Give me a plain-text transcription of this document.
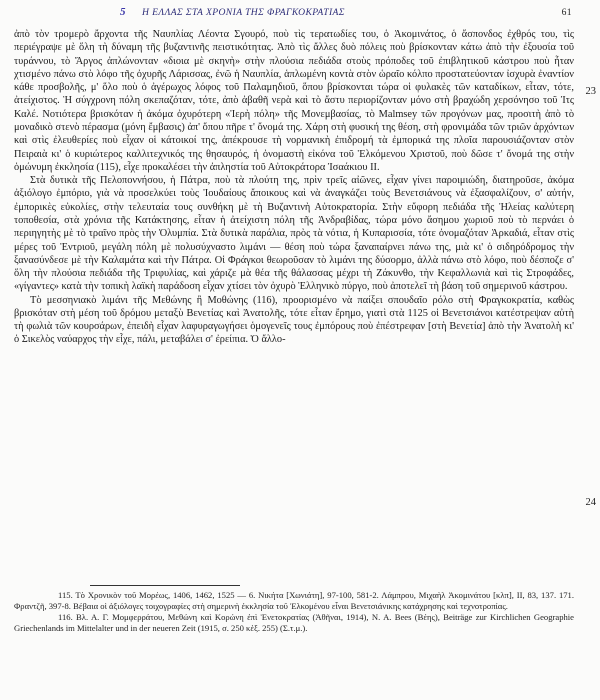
5 Η ΕΛΛΑΣ ΣΤΑ ΧΡΟΝΙΑ ΤΗΣ ΦΡΑΓΚΟΚΡΑΤΙΑΣ	61
23
24

ἀπὸ τὸν τρομερὸ ἄρχοντα τῆς Ναυπλίας Λέοντα Σγουρό, ποὺ τὶς τερατωδίες του, ὁ Ἀκομινάτος, ὁ ἄσπονδος ἐχθρός του, τὶς περιέγραψε μὲ ὅλη τὴ δύναμη τῆς βυζαντινῆς πειστικότητας. Ἀπὸ τὶς ἄλλες δυὸ πόλεις ποὺ βρίσκονταν κάτω ἀπὸ τὴν ἐξουσία τοῦ τυράννου, τὸ Ἄργος ἀπλώνονταν «διοια μὲ σκηνὴ» στὴν πλούσια πεδιάδα στοὺς πρόποδες τοῦ ἐπιβλητικοῦ κάστρου ποὺ ἦταν χτισμένο πάνω στὸ λόφο τῆς ὀχυρῆς Λάρισσας, ἐνῶ ἡ Ναυπλία, ἁπλωμένη κοντὰ στὸν ὡραῖο κόλπο προστατεύονταν ἰσχυρὰ ἐναντίον κάθε προσβολῆς, μ' ὅλο ποὺ ὁ ἀγέρωχος λόφος τοῦ Παλαμηδιοῦ, ὅπου βρίσκονται τώρα οἱ φυλακὲς τῶν καταδίκων, εἶταν, τότε, ἀτείχιστος. Ἡ σύγχρονη πόλη σκεπαζόταν, τότε, ἀπὸ ἀβαθῆ νερὰ καὶ τὸ ἄστυ περιορίζονταν μόνο στὴ βραχώδη χερσόνησο τοῦ Ἰτς Καλέ. Νοτιότερα βρισκόταν ἡ ἀκόμα ὀχυρότερη «Ἱερὴ πόλη» τῆς Μονεμβασίας, τὸ Malmsey τῶν προγόνων μας, προσιτὴ ἀπὸ τὸ μοναδικὸ στενὸ πέρασμα (μόνη ἔμβασις) ἀπ' ὅπου πῆρε τ' ὄνομά της. Χάρη στὴ φυσική της θέση, στὴ φρονιμάδα τῶν τριῶν ἀρχόντων καὶ στὶς ἐλευθερίες ποὺ εἶχαν οἱ κάτοικοί της, ἀπέκρουσε τὴ νορμανικὴ ἐπιδρομή τὰ ἐμπορικά της πλοῖα παρουσιάζονταν στὸν Πειραιὰ κι' ὁ κυριώτερος καλλιτεχνικός της θησαυρός, ἡ ὀνομαστὴ εἰκόνα τοῦ Ἑλκόμενου Χριστοῦ, ποὺ δῶσε τ' ὄνομά της στὴν ὁμώνυμη ἐκκλησία (115), εἶχε προκαλέσει τὴν ἀπληστία τοῦ Αὐτοκράτορα Ἰσαάκιου ΙΙ.

Στὰ δυτικὰ τῆς Πελοποννήσου, ἡ Πάτρα, ποὺ τὰ πλούτη της, πρὶν τρεῖς αἰῶνες, εἶχαν γίνει παροιμιώδη, διατηροῦσε, ἀκόμα ἀξιόλογο ἐμπόριο, γιὰ νὰ προσελκύει τοὺς Ἰουδαίους ἄποικους καὶ νὰ ἀναγκάζει τοὺς Βενετσιάνους νὰ ἐξασφαλίζουν, σ' αὐτήν, ἐμπορικὲς εὐκολίες, στὴν τελευταία τους συνθήκη μὲ τὴ Βυζαντινὴ Αὐτοκρατορία. Στὴν εὔφορη πεδιάδα τῆς Ἠλείας καλύτερη τοποθεσία, στὰ χρόνια τῆς Κατάκτησης, εἶταν ἡ ἀτείχιστη πόλη τῆς Ἀνδραβίδας, τώρα μόνο ἄσημου χωριοῦ ποὺ τὸ περνάει ὁ περιηγητὴς μὲ τὸ τραῖνο πρὸς τὴν Ὀλυμπία. Στὰ δυτικὰ παράλια, πρὸς τὰ νότια, ἡ Κυπαρισσία, τότε ὀνομαζόταν Ἀρκαδιά, εἶταν στὶς μέρες τοῦ Ἐντριοῦ, μεγάλη πόλη μὲ πολυσύχναστο λιμάνι — θέση ποὺ τώρα ξαναπαίρνει πάνω της, μιὰ κι' ὁ σιδηρόδρομος τὴν ξανασύνδεσε μὲ τὴν Καλαμάτα καὶ τὴν Πάτρα. Οἱ Φράγκοι θεωροῦσαν τὸ λιμάνι της δύσορμο, ἀλλὰ πάνω στὸ λόφο, ποὺ δέσποζε σ' ὅλη τὴν πλούσια πεδιάδα τῆς Τριφυλίας, καὶ χάριζε μὰ θέα τῆς θάλασσας μέχρι τὴ Ζάκυνθο, τὴν Κεφαλλωνιὰ καὶ τὶς Στροφάδες, «γίγαντες» κατὰ τὴν τοπικὴ λαϊκὴ παράδοση εἶχαν χτίσει τὸν ὀχυρὸ Ἑλληνικὸ πύργο, ποὺ ἀποτελεῖ τὴ βάση τοῦ σημερινοῦ κάστρου.

Τὸ μεσσηνιακὸ λιμάνι τῆς Μεθώνης ἢ Μοθώνης (116), προορισμένο νὰ παίξει σπουδαῖο ρόλο στὴ Φραγκοκρατία, καθὼς βρισκόταν στὴ μέση τοῦ δρόμου μεταξὺ Βενετίας καὶ Ἀνατολῆς, τότε εἶταν ἔρημο, γιατὶ στὰ 1125 οἱ Βενετσιάνοι κατέστρεψαν αὐτὴ τὴ φωλιὰ τῶν κουρσάρων, ἐπειδὴ εἶχαν λαφυραγωγήσει ὁμογενεῖς τους ἐμπόρους ποὺ ἐπέστρεφαν [στὴ Βενετία] ἀπὸ τὴν Ἀνατολὴ κι' ὁ Σικελὸς ναύαρχος τὴν εἶχε, πάλι, μεταβάλει σ' ἐρείπια. Ὁ ἄλλο-

115. Τὸ Χρονικὸν τοῦ Μορέως, 1406, 1462, 1525 — 6. Νικήτα [Χωνιάτη], 97-100, 581-2. Λάμπρου, Μιχαὴλ Ἀκομινάτου [κλπ], ΙΙ, 83, 137. 171. Φραντζῆ, 397-8. Βέβαια οἱ ἀξιόλογες τοιχογραφίες στὴ σημερινὴ ἐκκλησία τοῦ Ἑλκομένου εἶναι Βενετσιάνικης κατάχρησης καὶ τεχνοτροπίας.

116. Βλ. Α. Γ. Μομφερράτου, Μεθώνη καὶ Κορώνη ἐπὶ Ἐνετοκρατίας (Ἀθῆναι, 1914), Ν. Α. Bees (Βέης), Beiträge zur Kirchlichen Geographie Griechenlands im Mittelalter und in der neueren Zeit (1915, σ. 250 κἑξ. 255) (Σ.τ.μ.).
